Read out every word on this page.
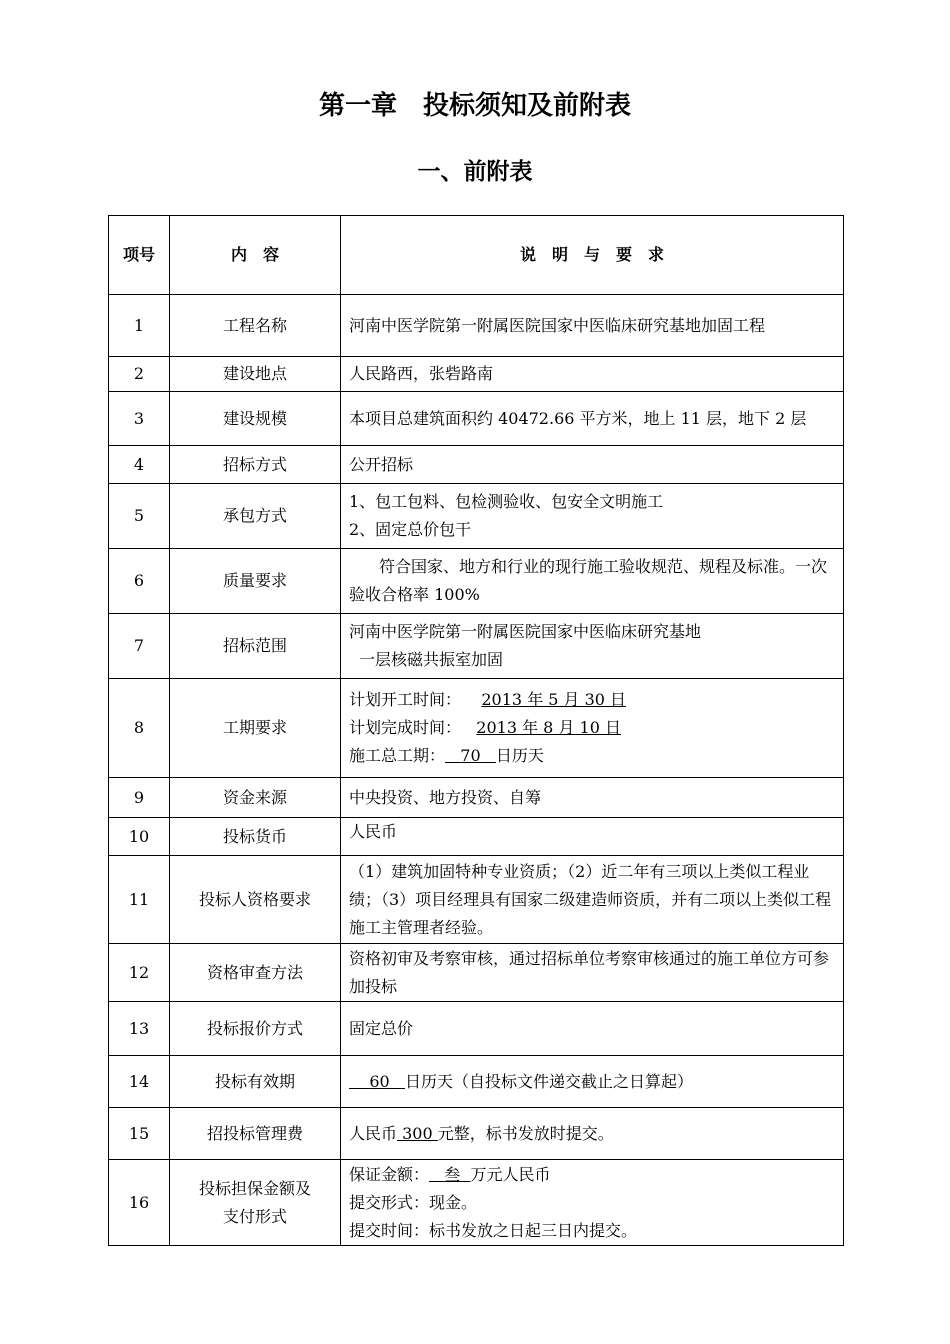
第一章　投标须知及前附表
一、前附表
项号	内　容	说　明　与　要　求
1	工程名称	河南中医学院第一附属医院国家中医临床研究基地加固工程
2	建设地点	人民路西，张砦路南
3	建设规模	本项目总建筑面积约 40472.66 平方米，地上 11 层，地下 2 层
4	招标方式	公开招标
5	承包方式	1、包工包料、包检测验收、包安全文明施工
2、固定总价包干

6	质量要求	符合国家、地方和行业的现行施工验收规范、规程及标准。一次验收合格率 100%
7	招标范围	河南中医学院第一附属医院国家中医临床研究基地
一层核磁共振室加固

8	工期要求	计划开工时间： 2013 年 5 月 30 日
计划完成时间： 2013 年 8 月 10 日
施工总工期： 70 日历天

9	资金来源	中央投资、地方投资、自筹
10	投标货币	人民币
11	投标人资格要求	（1）建筑加固特种专业资质；（2）近二年有三项以上类似工程业绩；（3）项目经理具有国家二级建造师资质，并有二项以上类似工程施工主管理者经验。
12	资格审查方法	资格初审及考察审核，通过招标单位考察审核通过的施工单位方可参加投标
13	投标报价方式	固定总价
14	投标有效期	60 日历天（自投标文件递交截止之日算起）
15	招投标管理费	人民币 300 元整，标书发放时提交。
16	投标担保金额及支付形式	保证金额： 叁 万元人民币
提交形式：现金。
提交时间：标书发放之日起三日内提交。
